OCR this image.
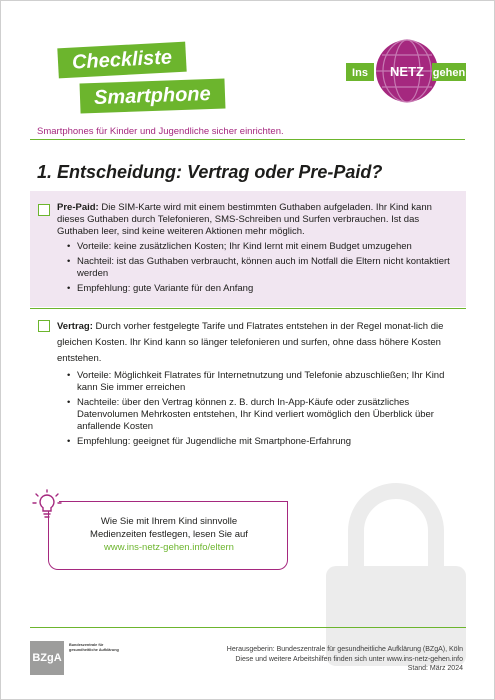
Checkliste
Smartphone
Ins NETZ gehen
Smartphones für Kinder und Jugendliche sicher einrichten.
1. Entscheidung: Vertrag oder Pre-Paid?
Pre-Paid: Die SIM-Karte wird mit einem bestimmten Guthaben aufgeladen. Ihr Kind kann dieses Guthaben durch Telefonieren, SMS-Schreiben und Surfen verbrauchen. Ist das Guthaben leer, sind keine weiteren Aktionen mehr möglich.
• Vorteile: keine zusätzlichen Kosten; Ihr Kind lernt mit einem Budget umzugehen
• Nachteil: ist das Guthaben verbraucht, können auch im Notfall die Eltern nicht kontaktiert werden
• Empfehlung: gute Variante für den Anfang
Vertrag: Durch vorher festgelegte Tarife und Flatrates entstehen in der Regel monat-lich die gleichen Kosten. Ihr Kind kann so länger telefonieren und surfen, ohne dass höhere Kosten entstehen.
• Vorteile: Möglichkeit Flatrates für Internetnutzung und Telefonie abzuschließen; Ihr Kind kann Sie immer erreichen
• Nachteile: über den Vertrag können z. B. durch In-App-Käufe oder zusätzliches Datenvolumen Mehrkosten entstehen, Ihr Kind verliert womöglich den Überblick über anfallende Kosten
• Empfehlung: geeignet für Jugendliche mit Smartphone-Erfahrung
Wie Sie mit Ihrem Kind sinnvolle
Medienzeiten festlegen, lesen Sie auf
www.ins-netz-gehen.info/eltern
BZgA
Bundeszentrale für gesundheitliche Aufklärung	Herausgeberin: Bundeszentrale für gesundheitliche Aufklärung (BZgA), Köln
Diese und weitere Arbeitshilfen finden sich unter www.ins-netz-gehen.info
Stand: März 2024
